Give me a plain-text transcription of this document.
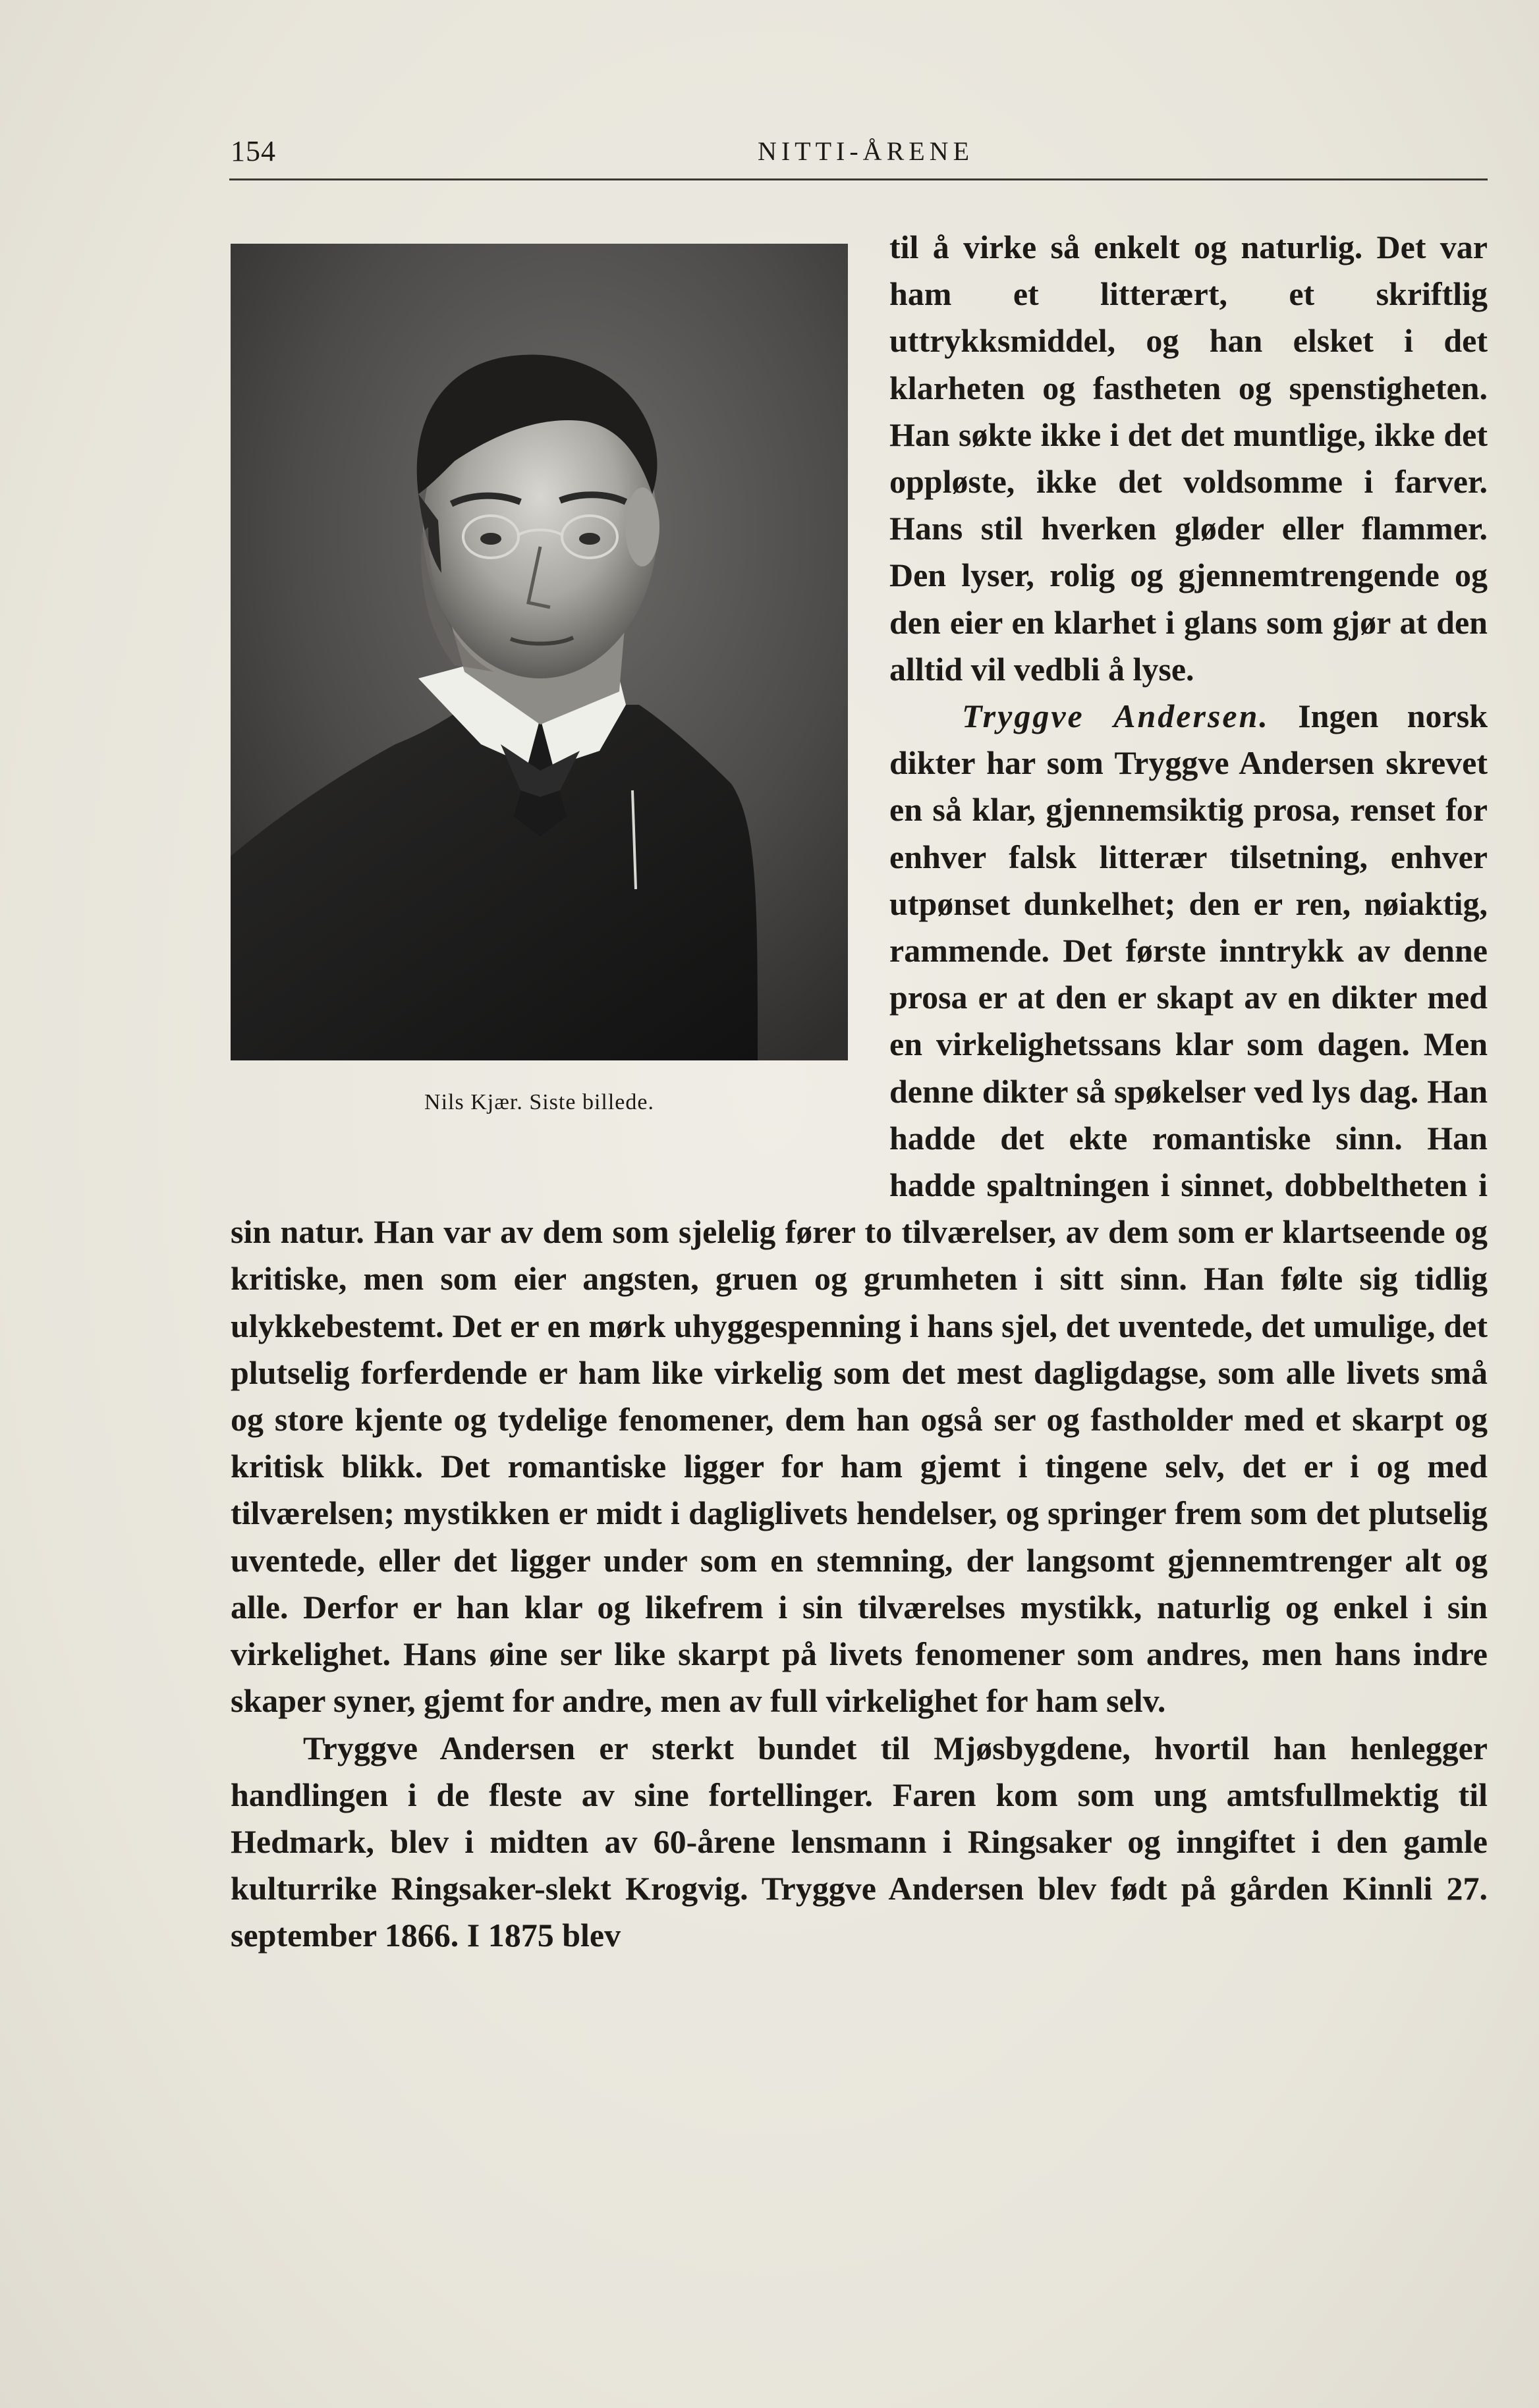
154	NITTI-ÅRENE
Nils Kjær. Siste billede.

til å virke så enkelt og naturlig. Det var ham et litterært, et skriftlig uttrykksmiddel, og han elsket i det klarheten og fastheten og spenstigheten. Han søkte ikke i det det muntlige, ikke det oppløste, ikke det voldsomme i farver. Hans stil hverken gløder eller flammer. Den lyser, rolig og gjennemtrengende og den eier en klarhet i glans som gjør at den alltid vil vedbli å lyse.

Tryggve Andersen. Ingen norsk dikter har som Tryggve Andersen skrevet en så klar, gjennemsiktig prosa, renset for enhver falsk litterær tilsetning, enhver utpønset dunkelhet; den er ren, nøiaktig, rammende. Det første inntrykk av denne prosa er at den er skapt av en dikter med en virkelighetssans klar som dagen. Men denne dikter så spøkelser ved lys dag. Han hadde det ekte romantiske sinn. Han hadde spaltningen i sinnet, dobbeltheten i sin natur. Han var av dem som sjelelig fører to tilværelser, av dem som er klartseende og kritiske, men som eier angsten, gruen og grumheten i sitt sinn. Han følte sig tidlig ulykkebestemt. Det er en mørk uhyggespenning i hans sjel, det uventede, det umulige, det plutselig forferdende er ham like virkelig som det mest dagligdagse, som alle livets små og store kjente og tydelige fenomener, dem han også ser og fastholder med et skarpt og kritisk blikk. Det romantiske ligger for ham gjemt i tingene selv, det er i og med tilværelsen; mystikken er midt i dagliglivets hendelser, og springer frem som det plutselig uventede, eller det ligger under som en stemning, der langsomt gjennemtrenger alt og alle. Derfor er han klar og likefrem i sin tilværelses mystikk, naturlig og enkel i sin virkelighet. Hans øine ser like skarpt på livets fenomener som andres, men hans indre skaper syner, gjemt for andre, men av full virkelighet for ham selv.

Tryggve Andersen er sterkt bundet til Mjøsbygdene, hvortil han henlegger handlingen i de fleste av sine fortellinger. Faren kom som ung amtsfullmektig til Hedmark, blev i midten av 60-årene lensmann i Ringsaker og inngiftet i den gamle kulturrike Ringsaker-slekt Krogvig. Tryggve Andersen blev født på gården Kinnli 27. september 1866. I 1875 blev
